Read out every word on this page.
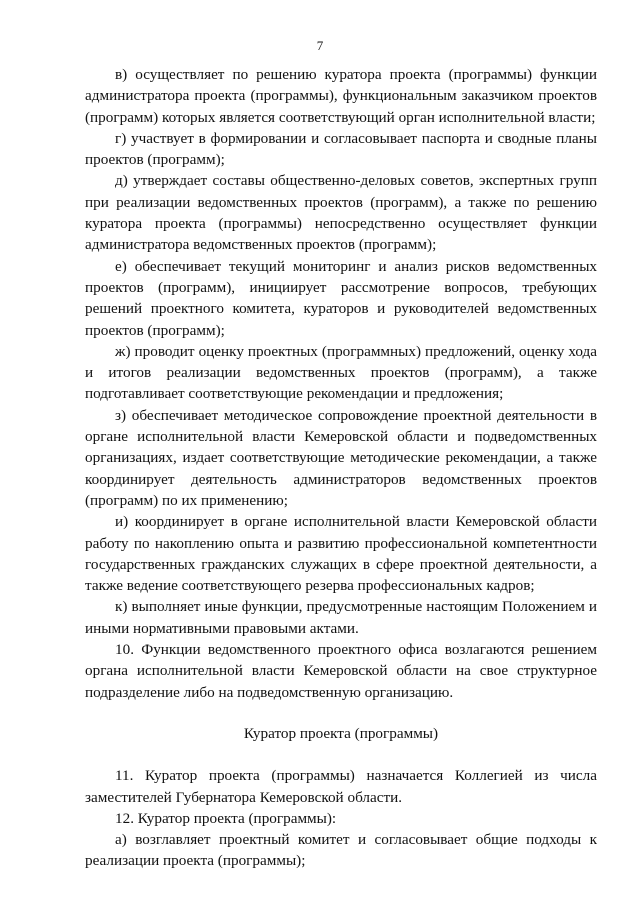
7

в) осуществляет по решению куратора проекта (программы) функции администратора проекта (программы), функциональным заказчиком проектов (программ) которых является соответствующий орган исполнительной власти;

г) участвует в формировании и согласовывает паспорта и сводные планы проектов (программ);

д) утверждает составы общественно-деловых советов, экспертных групп при реализации ведомственных проектов (программ), а также по решению куратора проекта (программы) непосредственно осуществляет функции администратора ведомственных проектов (программ);

е) обеспечивает текущий мониторинг и анализ рисков ведомственных проектов (программ), инициирует рассмотрение вопросов, требующих решений проектного комитета, кураторов и руководителей ведомственных проектов (программ);

ж) проводит оценку проектных (программных) предложений, оценку хода и итогов реализации ведомственных проектов (программ), а также подготавливает соответствующие рекомендации и предложения;

з) обеспечивает методическое сопровождение проектной деятельности в органе исполнительной власти Кемеровской области и подведомственных организациях, издает соответствующие методические рекомендации, а также координирует деятельность администраторов ведомственных проектов (программ) по их применению;

и) координирует в органе исполнительной власти Кемеровской области работу по накоплению опыта и развитию профессиональной компетентности государственных гражданских служащих в сфере проектной деятельности, а также ведение соответствующего резерва профессиональных кадров;

к) выполняет иные функции, предусмотренные настоящим Положением и иными нормативными правовыми актами.

10. Функции ведомственного проектного офиса возлагаются решением органа исполнительной власти Кемеровской области на свое структурное подразделение либо на подведомственную организацию.

Куратор проекта (программы)

11. Куратор проекта (программы) назначается Коллегией из числа заместителей Губернатора Кемеровской области.

12. Куратор проекта (программы):

а) возглавляет проектный комитет и согласовывает общие подходы к реализации проекта (программы);
